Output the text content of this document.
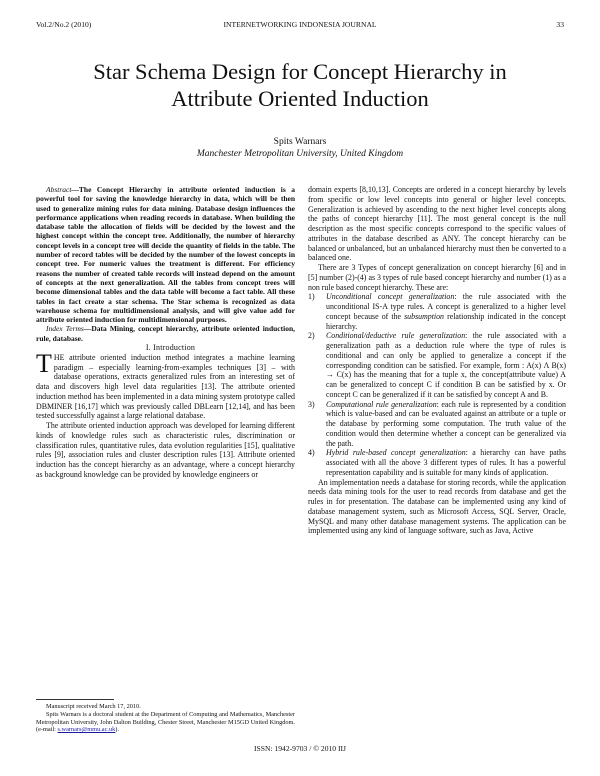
Vol.2/No.2 (2010)	INTERNETWORKING INDONESIA JOURNAL	33
Star Schema Design for Concept Hierarchy in
Attribute Oriented Induction
Spits Warnars
Manchester Metropolitan University, United Kingdom

Abstract—The Concept Hierarchy in attribute oriented induction is a powerful tool for saving the knowledge hierarchy in data, which will be then used to generalize mining rules for data mining. Database design influences the performance applications when reading records in database. When building the database table the allocation of fields will be decided by the lowest and the highest concept within the concept tree. Additionally, the number of hierarchy concept levels in a concept tree will decide the quantity of fields in the table. The number of record tables will be decided by the number of the lowest concepts in concept tree. For numeric values the treatment is different. For efficiency reasons the number of created table records will instead depend on the amount of concepts at the next generalization. All the tables from concept trees will become dimensional tables and the data table will become a fact table. All these tables in fact create a star schema. The Star schema is recognized as data warehouse schema for multidimensional analysis, and will give value add for attribute oriented induction for multidimensional purposes.

Index Terms—Data Mining, concept hierarchy, attribute oriented induction, rule, database.

I. Introduction

THE attribute oriented induction method integrates a machine learning paradigm – especially learning-from-examples techniques [3] – with database operations, extracts generalized rules from an interesting set of data and discovers high level data regularities [13]. The attribute oriented induction method has been implemented in a data mining system prototype called DBMINER [16,17] which was previously called DBLearn [12,14], and has been tested successfully against a large relational database.

The attribute oriented induction approach was developed for learning different kinds of knowledge rules such as characteristic rules, discrimination or classification rules, quantitative rules, data evolution regularities [15], qualitative rules [9], association rules and cluster description rules [13]. Attribute oriented induction has the concept hierarchy as an advantage, where a concept hierarchy as background knowledge can be provided by knowledge engineers or

Manuscript received March 17, 2010.

Spits Warnars is a doctoral student at the Department of Computing and Mathematics, Manchester Metropolitan University, John Dalton Building, Chester Street, Manchester M15GD United Kingdom. (e-mail: s.warnars@mmu.ac.uk).

domain experts [8,10,13]. Concepts are ordered in a concept hierarchy by levels from specific or low level concepts into general or higher level concepts. Generalization is achieved by ascending to the next higher level concepts along the paths of concept hierarchy [11]. The most general concept is the null description as the most specific concepts correspond to the specific values of attributes in the database described as ANY. The concept hierarchy can be balanced or unbalanced, but an unbalanced hierarchy must then be converted to a balanced one.

There are 3 Types of concept generalization on concept hierarchy [6] and in [5] number (2)-(4) as 3 types of rule based concept hierarchy and number (1) as a non rule based concept hierarchy. These are:

1) Unconditional concept generalization: the rule associated with the unconditional IS-A type rules. A concept is generalized to a higher level concept because of the subsumption relationship indicated in the concept hierarchy.

2) Conditional/deductive rule generalization: the rule associated with a generalization path as a deduction rule where the type of rules is conditional and can only be applied to generalize a concept if the corresponding condition can be satisfied. For example, form : A(x) Λ B(x) → C(x) has the meaning that for a tuple x, the concept(attribute value) A can be generalized to concept C if condition B can be satisfied by x. Or concept C can be generalized if it can be satisfied by concept A and B.

3) Computational rule generalization: each rule is represented by a condition which is value-based and can be evaluated against an attribute or a tuple or the database by performing some computation. The truth value of the condition would then determine whether a concept can be generalized via the path.

4) Hybrid rule-based concept generalization: a hierarchy can have paths associated with all the above 3 different types of rules. It has a powerful representation capability and is suitable for many kinds of application.

An implementation needs a database for storing records, while the application needs data mining tools for the user to read records from database and get the rules in for presentation. The database can be implemented using any kind of database management system, such as Microsoft Access, SQL Server, Oracle, MySQL and many other database management systems. The application can be implemented using any kind of language software, such as Java, Active

ISSN: 1942-9703 / © 2010 IIJ
